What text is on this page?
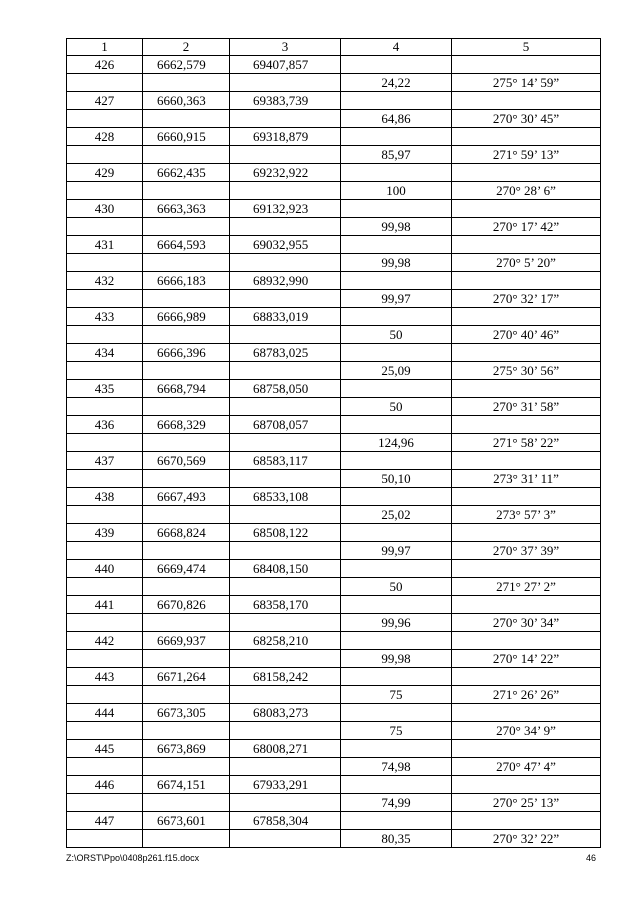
1	2	3	4	5
426	6662,579	69407,857		
			24,22	275° 14’ 59”
427	6660,363	69383,739		
			64,86	270° 30’ 45”
428	6660,915	69318,879		
			85,97	271° 59’ 13”
429	6662,435	69232,922		
			100	270° 28’ 6”
430	6663,363	69132,923		
			99,98	270° 17’ 42”
431	6664,593	69032,955		
			99,98	270° 5’ 20”
432	6666,183	68932,990		
			99,97	270° 32’ 17”
433	6666,989	68833,019		
			50	270° 40’ 46”
434	6666,396	68783,025		
			25,09	275° 30’ 56”
435	6668,794	68758,050		
			50	270° 31’ 58”
436	6668,329	68708,057		
			124,96	271° 58’ 22”
437	6670,569	68583,117		
			50,10	273° 31’ 11”
438	6667,493	68533,108		
			25,02	273° 57’ 3”
439	6668,824	68508,122		
			99,97	270° 37’ 39”
440	6669,474	68408,150		
			50	271° 27’ 2”
441	6670,826	68358,170		
			99,96	270° 30’ 34”
442	6669,937	68258,210		
			99,98	270° 14’ 22”
443	6671,264	68158,242		
			75	271° 26’ 26”
444	6673,305	68083,273		
			75	270° 34’ 9”
445	6673,869	68008,271		
			74,98	270° 47’ 4”
446	6674,151	67933,291		
			74,99	270° 25’ 13”
447	6673,601	67858,304		
			80,35	270° 32’ 22”
Z:\ORST\Ppo\0408p261.f15.docx	46
